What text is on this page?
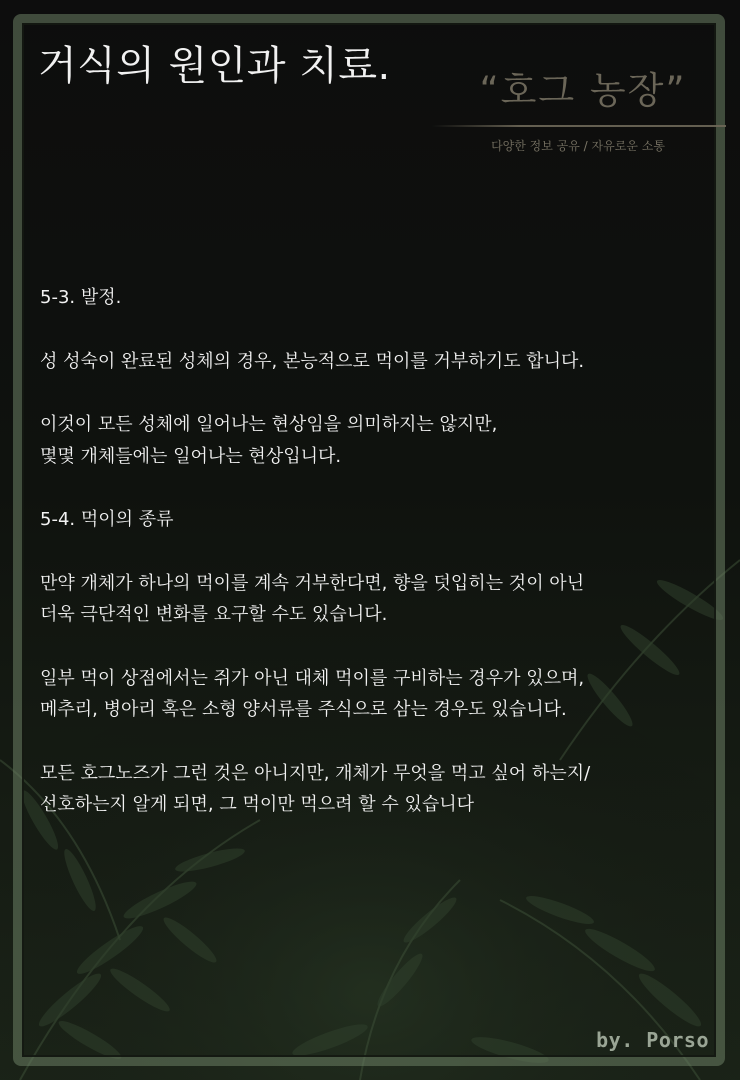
거식의 원인과 치료.
“호그 농장”
다양한 정보 공유 / 자유로운 소통

5-3. 발정.

성 성숙이 완료된 성체의 경우, 본능적으로 먹이를 거부하기도 합니다.

이것이 모든 성체에 일어나는 현상임을 의미하지는 않지만,
몇몇 개체들에는 일어나는 현상입니다.

5-4. 먹이의 종류

만약 개체가 하나의 먹이를 계속 거부한다면, 향을 덧입히는 것이 아닌
더욱 극단적인 변화를 요구할 수도 있습니다.

일부 먹이 상점에서는 쥐가 아닌 대체 먹이를 구비하는 경우가 있으며,
메추리, 병아리 혹은 소형 양서류를 주식으로 삼는 경우도 있습니다.

모든 호그노즈가 그런 것은 아니지만, 개체가 무엇을 먹고 싶어 하는지/
선호하는지 알게 되면, 그 먹이만 먹으려 할 수 있습니다

by. Porso
